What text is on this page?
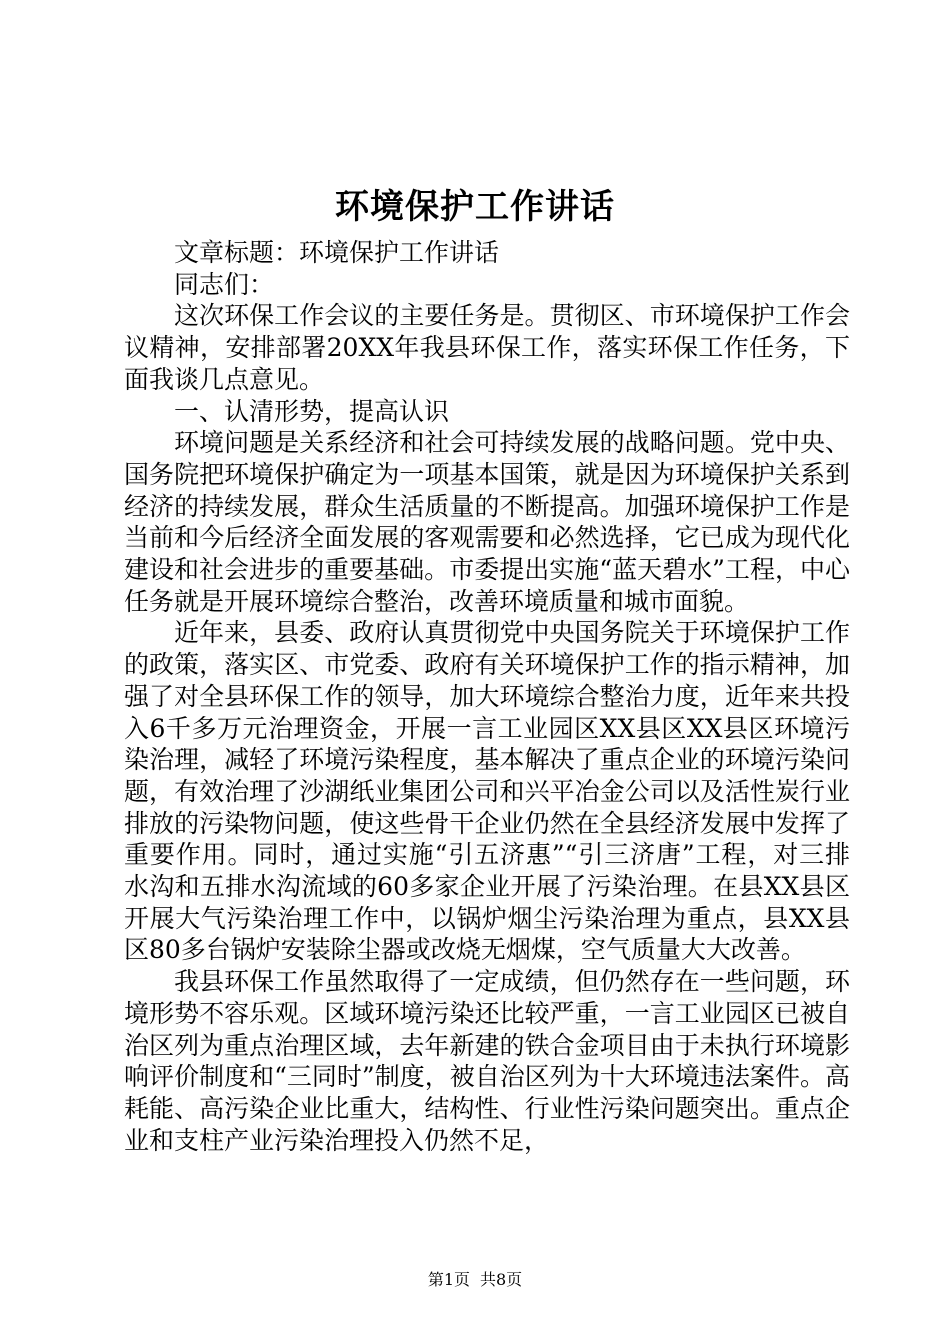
环境保护工作讲话

文章标题：环境保护工作讲话

同志们：

这次环保工作会议的主要任务是。贯彻区、市环境保护工作会议精神，安排部署20XX年我县环保工作，落实环保工作任务，下面我谈几点意见。

一、认清形势，提高认识

环境问题是关系经济和社会可持续发展的战略问题。党中央、国务院把环境保护确定为一项基本国策，就是因为环境保护关系到经济的持续发展，群众生活质量的不断提高。加强环境保护工作是当前和今后经济全面发展的客观需要和必然选择，它已成为现代化建设和社会进步的重要基础。市委提出实施“蓝天碧水”工程，中心任务就是开展环境综合整治，改善环境质量和城市面貌。

近年来，县委、政府认真贯彻党中央国务院关于环境保护工作的政策，落实区、市党委、政府有关环境保护工作的指示精神，加强了对全县环保工作的领导，加大环境综合整治力度，近年来共投入6千多万元治理资金，开展一言工业园区XX县区XX县区环境污染治理，减轻了环境污染程度，基本解决了重点企业的环境污染问题，有效治理了沙湖纸业集团公司和兴平冶金公司以及活性炭行业排放的污染物问题，使这些骨干企业仍然在全县经济发展中发挥了重要作用。同时，通过实施“引五济惠”“引三济唐”工程，对三排水沟和五排水沟流域的60多家企业开展了污染治理。在县XX县区开展大气污染治理工作中，以锅炉烟尘污染治理为重点，县XX县区80多台锅炉安装除尘器或改烧无烟煤，空气质量大大改善。

我县环保工作虽然取得了一定成绩，但仍然存在一些问题，环境形势不容乐观。区域环境污染还比较严重，一言工业园区已被自治区列为重点治理区域，去年新建的铁合金项目由于未执行环境影响评价制度和“三同时”制度，被自治区列为十大环境违法案件。高耗能、高污染企业比重大，结构性、行业性污染问题突出。重点企业和支柱产业污染治理投入仍然不足，

第1页 共8页
